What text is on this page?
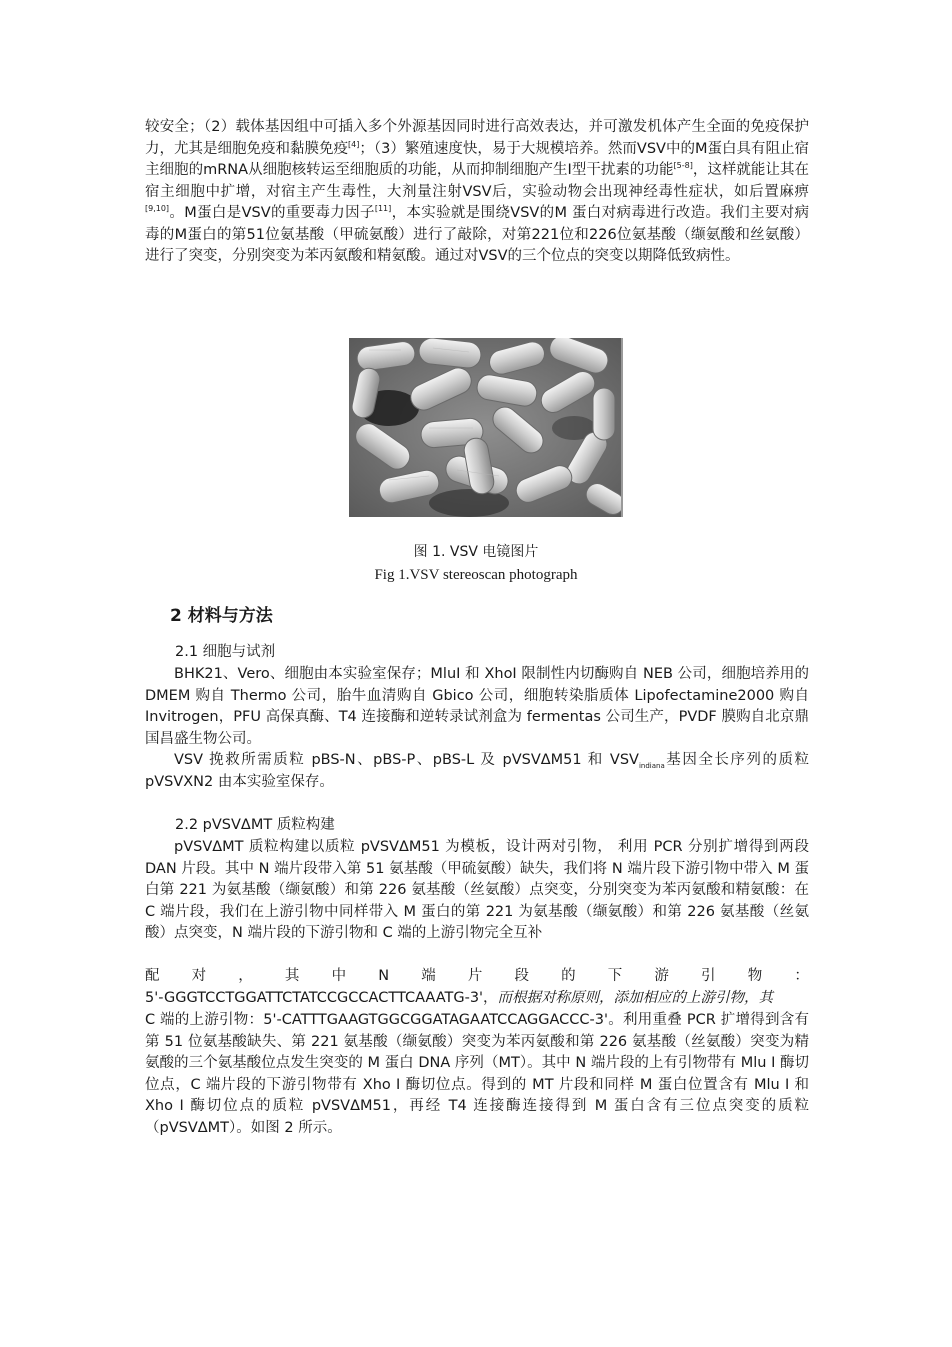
较安全；（2）载体基因组中可插入多个外源基因同时进行高效表达，并可激发机体产生全面的免疫保护力，尤其是细胞免疫和黏膜免疫[4]；（3）繁殖速度快，易于大规模培养。然而VSV中的M蛋白具有阻止宿主细胞的mRNA从细胞核转运至细胞质的功能，从而抑制细胞产生I型干扰素的功能[5-8]，这样就能让其在宿主细胞中扩增，对宿主产生毒性，大剂量注射VSV后，实验动物会出现神经毒性症状，如后置麻痹[9,10]。M蛋白是VSV的重要毒力因子[11]，本实验就是围绕VSV的M 蛋白对病毒进行改造。我们主要对病毒的M蛋白的第51位氨基酸（甲硫氨酸）进行了敲除，对第221位和226位氨基酸（缬氨酸和丝氨酸）进行了突变，分别突变为苯丙氨酸和精氨酸。通过对VSV的三个位点的突变以期降低致病性。

图 1. VSV 电镜图片
Fig 1.VSV stereoscan photograph
2 材料与方法
2.1 细胞与试剂

BHK21、Vero、细胞由本实验室保存；MluI 和 XhoI 限制性内切酶购自 NEB 公司，细胞培养用的 DMEM 购自 Thermo 公司，胎牛血清购自 Gbico 公司，细胞转染脂质体 Lipofectamine2000 购自 Invitrogen，PFU 高保真酶、T4 连接酶和逆转录试剂盒为 fermentas 公司生产，PVDF 膜购自北京鼎国昌盛生物公司。

VSV 挽救所需质粒 pBS-N、pBS-P、pBS-L 及 pVSVΔM51 和 $VSV_{indiana}$基因全长序列的质粒 pVSVXN2 由本实验室保存。

2.2 pVSVΔMT 质粒构建

pVSVΔMT 质粒构建以质粒 pVSVΔM51 为模板，设计两对引物， 利用 PCR 分别扩增得到两段 DAN 片段。其中 N 端片段带入第 51 氨基酸（甲硫氨酸）缺失，我们将 N 端片段下游引物中带入 M 蛋白第 221 为氨基酸（缬氨酸）和第 226 氨基酸（丝氨酸）点突变，分别突变为苯丙氨酸和精氨酸：在 C 端片段，我们在上游引物中同样带入 M 蛋白的第 221 为氨基酸（缬氨酸）和第 226 氨基酸（丝氨酸）点突变，N 端片段的下游引物和 C 端的上游引物完全互补

配 对 ， 其 中 N 端 片 段 的 下 游 引 物 ：

5'-GGGTCCTGGATTCTATCCGCCACTTCAAATG-3'，而根据对称原则，添加相应的上游引物，其

C 端的上游引物：5'-CATTTGAAGTGGCGGATAGAATCCAGGACCC-3'。利用重叠 PCR 扩增得到含有第 51 位氨基酸缺失、第 221 氨基酸（缬氨酸）突变为苯丙氨酸和第 226 氨基酸（丝氨酸）突变为精氨酸的三个氨基酸位点发生突变的 M 蛋白 DNA 序列（MT）。其中 N 端片段的上有引物带有 Mlu I 酶切位点，C 端片段的下游引物带有 Xho I 酶切位点。得到的 MT 片段和同样 M 蛋白位置含有 Mlu I 和 Xho I 酶切位点的质粒 pVSVΔM51，再经 T4 连接酶连接得到 M 蛋白含有三位点突变的质粒（pVSVΔMT）。如图 2 所示。
